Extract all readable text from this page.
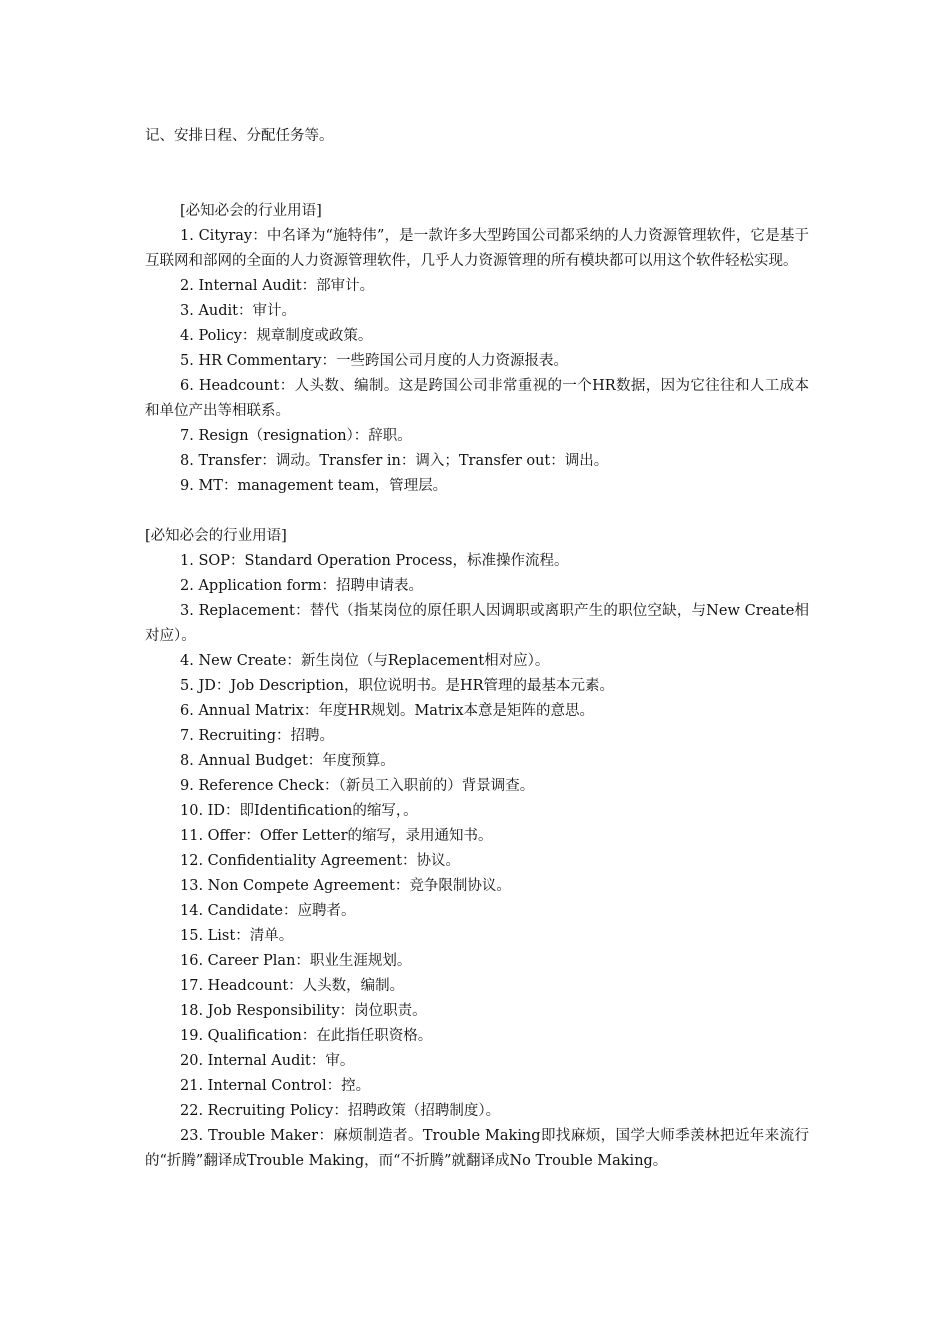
记、安排日程、分配任务等。
[必知必会的行业用语]
1. Cityray：中名译为“施特伟”，是一款许多大型跨国公司都采纳的人力资源管理软件，它是基于互联网和部网的全面的人力资源管理软件，几乎人力资源管理的所有模块都可以用这个软件轻松实现。
2. Internal Audit：部审计。
3. Audit：审计。
4. Policy：规章制度或政策。
5. HR Commentary：一些跨国公司月度的人力资源报表。
6. Headcount：人头数、编制。这是跨国公司非常重视的一个HR数据，因为它往往和人工成本和单位产出等相联系。
7. Resign（resignation）：辞职。
8. Transfer：调动。Transfer in：调入；Transfer out：调出。
9. MT：management team，管理层。
[必知必会的行业用语]
1. SOP：Standard Operation Process，标准操作流程。
2. Application form：招聘申请表。
3. Replacement：替代（指某岗位的原任职人因调职或离职产生的职位空缺，与New Create相对应）。
4. New Create：新生岗位（与Replacement相对应）。
5. JD：Job Description，职位说明书。是HR管理的最基本元素。
6. Annual Matrix：年度HR规划。Matrix本意是矩阵的意思。
7. Recruiting：招聘。
8. Annual Budget：年度预算。
9. Reference Check：（新员工入职前的）背景调查。
10. ID：即Identification的缩写，。
11. Offer：Offer Letter的缩写，录用通知书。
12. Confidentiality Agreement：协议。
13. Non Compete Agreement：竞争限制协议。
14. Candidate：应聘者。
15. List：清单。
16. Career Plan：职业生涯规划。
17. Headcount：人头数，编制。
18. Job Responsibility：岗位职责。
19. Qualification：在此指任职资格。
20. Internal Audit：审。
21. Internal Control：控。
22. Recruiting Policy：招聘政策（招聘制度）。
23. Trouble Maker：麻烦制造者。Trouble Making即找麻烦，国学大师季羡林把近年来流行的“折腾”翻译成Trouble Making，而“不折腾”就翻译成No Trouble Making。
